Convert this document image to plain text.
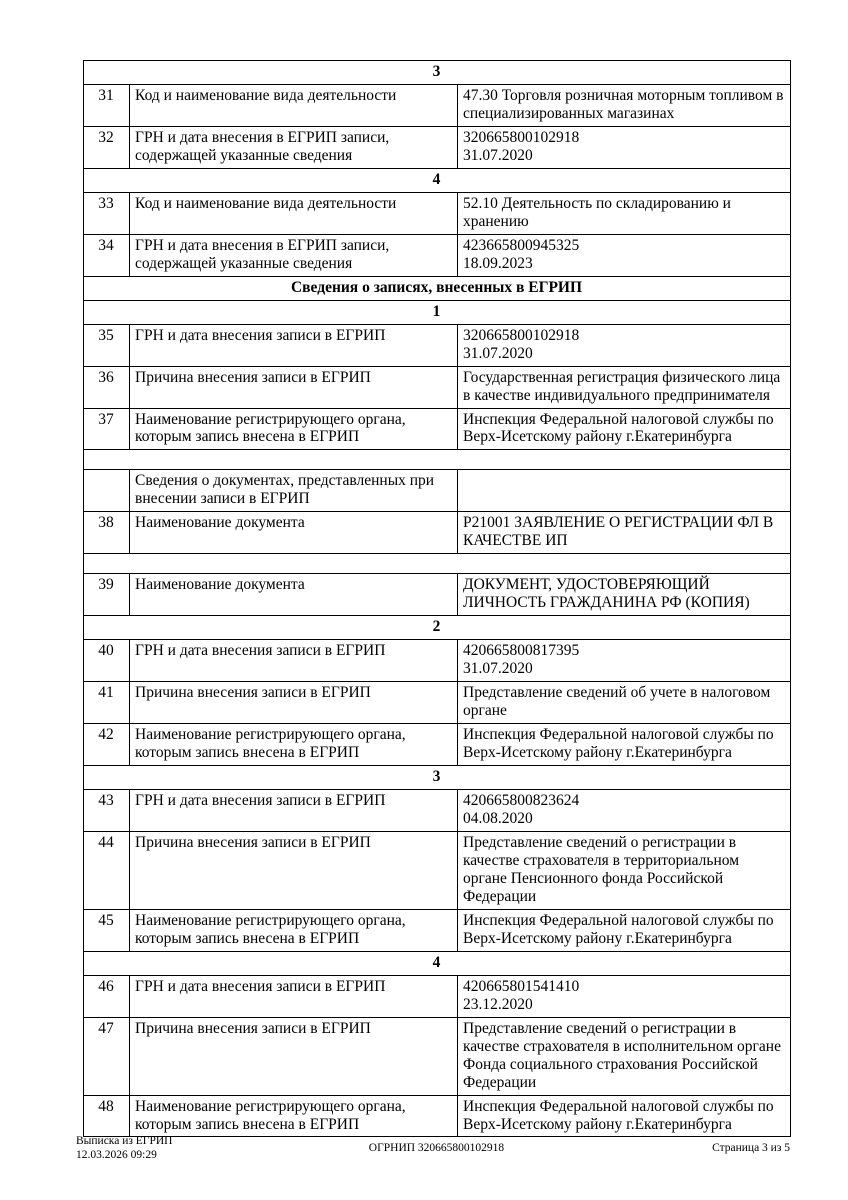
3		
31	Код и наименование вида деятельности	47.30 Торговля розничная моторным топливом в специализированных магазинах

32	ГРН и дата внесения в ЕГРИП записи, содержащей указанные сведения	320665800102918
31.07.2020

4		
33	Код и наименование вида деятельности	52.10 Деятельность по складированию и хранению

34	ГРН и дата внесения в ЕГРИП записи, содержащей указанные сведения	423665800945325
18.09.2023

Сведения о записях, внесенных в ЕГРИП		
1		
35	ГРН и дата внесения записи в ЕГРИП	320665800102918
31.07.2020

36	Причина внесения записи в ЕГРИП	Государственная регистрация физического лица в качестве индивидуального предпринимателя

37	Наименование регистрирующего органа, которым запись внесена в ЕГРИП	Инспекция Федеральной налоговой службы по Верх-Исетскому району г.Екатеринбурга

	Сведения о документах, представленных при внесении записи в ЕГРИП	
38	Наименование документа	Р21001 ЗАЯВЛЕНИЕ О РЕГИСТРАЦИИ ФЛ В КАЧЕСТВЕ ИП

39	Наименование документа	ДОКУМЕНТ, УДОСТОВЕРЯЮЩИЙ ЛИЧНОСТЬ ГРАЖДАНИНА РФ (КОПИЯ)

2		
40	ГРН и дата внесения записи в ЕГРИП	420665800817395
31.07.2020

41	Причина внесения записи в ЕГРИП	Представление сведений об учете в налоговом органе

42	Наименование регистрирующего органа, которым запись внесена в ЕГРИП	Инспекция Федеральной налоговой службы по Верх-Исетскому району г.Екатеринбурга

3		
43	ГРН и дата внесения записи в ЕГРИП	420665800823624
04.08.2020

44	Причина внесения записи в ЕГРИП	Представление сведений о регистрации в качестве страхователя в территориальном органе Пенсионного фонда Российской Федерации

45	Наименование регистрирующего органа, которым запись внесена в ЕГРИП	Инспекция Федеральной налоговой службы по Верх-Исетскому району г.Екатеринбурга

4		
46	ГРН и дата внесения записи в ЕГРИП	420665801541410
23.12.2020

47	Причина внесения записи в ЕГРИП	Представление сведений о регистрации в качестве страхователя в исполнительном органе Фонда социального страхования Российской Федерации

48	Наименование регистрирующего органа, которым запись внесена в ЕГРИП	Инспекция Федеральной налоговой службы по Верх-Исетскому району г.Екатеринбурга
Выписка из ЕГРИП
12.03.2026 09:29
ОГРНИП 320665800102918	Страница 3 из 5
